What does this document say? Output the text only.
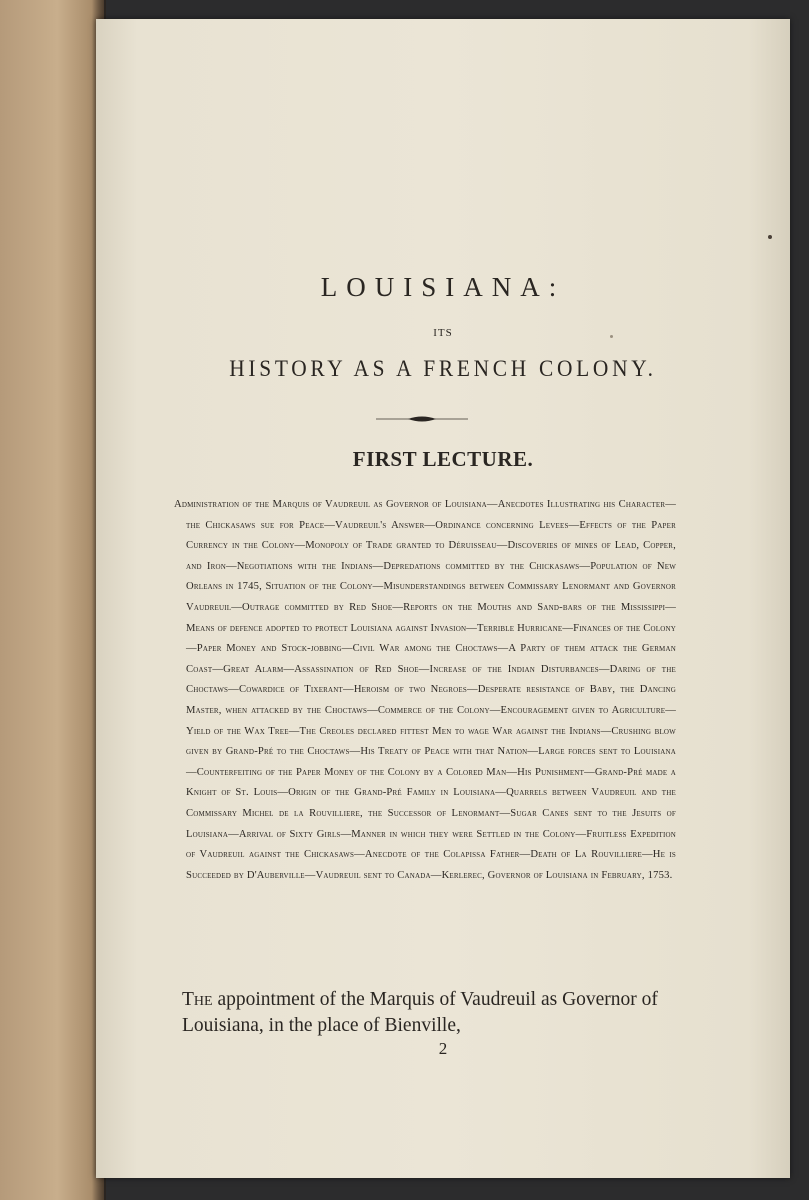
LOUISIANA:
ITS
HISTORY AS A FRENCH COLONY.
FIRST LECTURE.

Administration of the Marquis of Vaudreuil as Governor of Louisiana—Anecdotes Illustrating his Character—the Chickasaws sue for Peace—Vaudreuil's Answer—Ordinance concerning Levees—Effects of the Paper Currency in the Colony—Monopoly of Trade granted to Déruisseau—Discoveries of mines of Lead, Copper, and Iron—Negotiations with the Indians—Depredations committed by the Chickasaws—Population of New Orleans in 1745, Situation of the Colony—Misunderstandings between Commissary Lenormant and Governor Vaudreuil—Outrage committed by Red Shoe—Reports on the Mouths and Sand-bars of the Mississippi—Means of defence adopted to protect Louisiana against Invasion—Terrible Hurricane—Finances of the Colony—Paper Money and Stock-jobbing—Civil War among the Choctaws—A Party of them attack the German Coast—Great Alarm—Assassination of Red Shoe—Increase of the Indian Disturbances—Daring of the Choctaws—Cowardice of Tixerant—Heroism of two Negroes—Desperate resistance of Baby, the Dancing Master, when attacked by the Choctaws—Commerce of the Colony—Encouragement given to Agriculture—Yield of the Wax Tree—The Creoles declared fittest Men to wage War against the Indians—Crushing blow given by Grand-Pré to the Choctaws—His Treaty of Peace with that Nation—Large forces sent to Louisiana—Counterfeiting of the Paper Money of the Colony by a Colored Man—His Punishment—Grand-Pré made a Knight of St. Louis—Origin of the Grand-Pré Family in Louisiana—Quarrels between Vaudreuil and the Commissary Michel de la Rouvilliere, the Successor of Lenormant—Sugar Canes sent to the Jesuits of Louisiana—Arrival of Sixty Girls—Manner in which they were Settled in the Colony—Fruitless Expedition of Vaudreuil against the Chickasaws—Anecdote of the Colapissa Father—Death of La Rouvilliere—He is Succeeded by D'Auberville—Vaudreuil sent to Canada—Kerlerec, Governor of Louisiana in February, 1753.

The appointment of the Marquis of Vaudreuil as Governor of Louisiana, in the place of Bienville,

2
